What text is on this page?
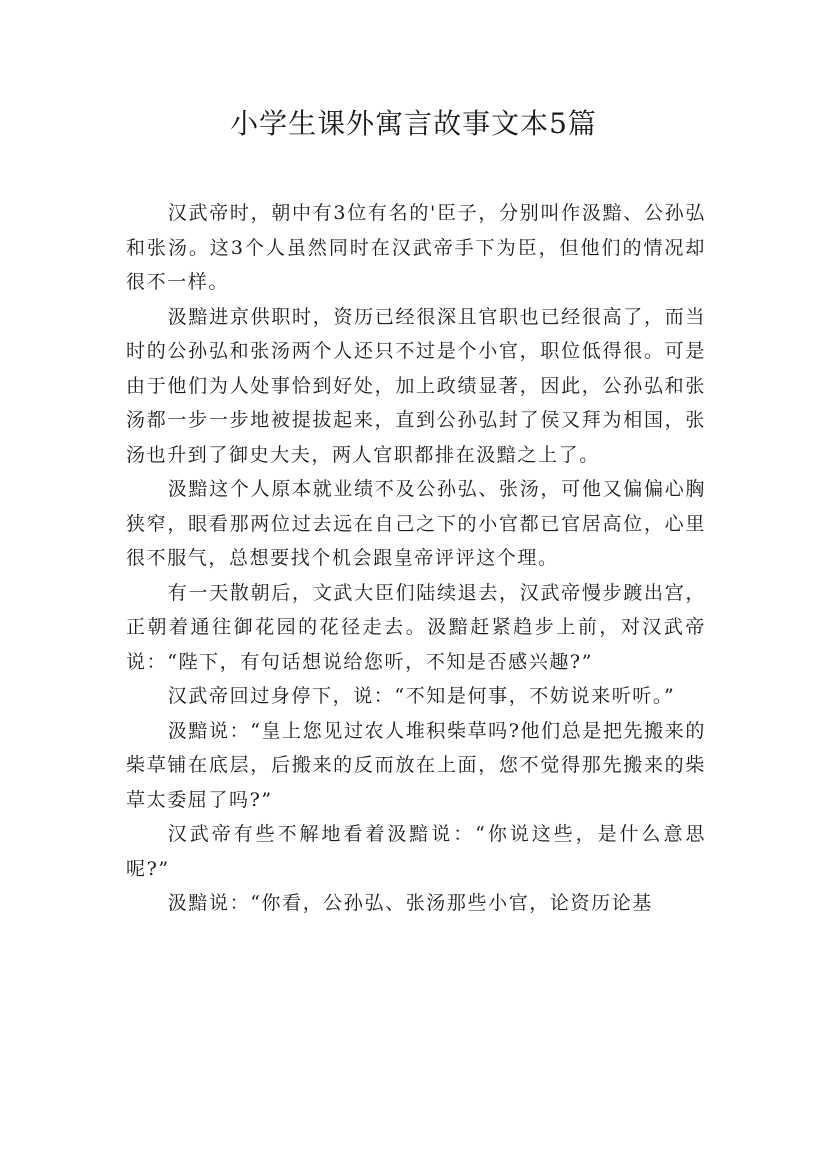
小学生课外寓言故事文本5篇

汉武帝时，朝中有3位有名的'臣子，分别叫作汲黯、公孙弘和张汤。这3个人虽然同时在汉武帝手下为臣，但他们的情况却很不一样。

汲黯进京供职时，资历已经很深且官职也已经很高了，而当时的公孙弘和张汤两个人还只不过是个小官，职位低得很。可是由于他们为人处事恰到好处，加上政绩显著，因此，公孙弘和张汤都一步一步地被提拔起来，直到公孙弘封了侯又拜为相国，张汤也升到了御史大夫，两人官职都排在汲黯之上了。

汲黯这个人原本就业绩不及公孙弘、张汤，可他又偏偏心胸狭窄，眼看那两位过去远在自己之下的小官都已官居高位，心里很不服气，总想要找个机会跟皇帝评评这个理。

有一天散朝后，文武大臣们陆续退去，汉武帝慢步踱出宫，正朝着通往御花园的花径走去。汲黯赶紧趋步上前，对汉武帝说：“陛下，有句话想说给您听，不知是否感兴趣?”

汉武帝回过身停下，说：“不知是何事，不妨说来听听。”

汲黯说：“皇上您见过农人堆积柴草吗?他们总是把先搬来的柴草铺在底层，后搬来的反而放在上面，您不觉得那先搬来的柴草太委屈了吗?”

汉武帝有些不解地看着汲黯说：“你说这些，是什么意思呢?”

汲黯说：“你看，公孙弘、张汤那些小官，论资历论基
